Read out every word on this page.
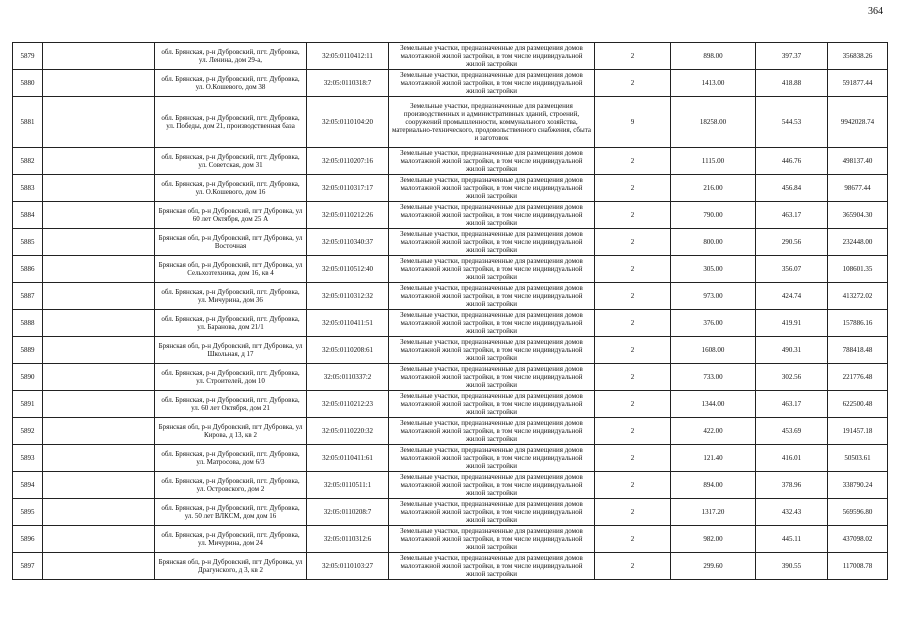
364
5879		обл. Брянская, р-н Дубровский, пгт. Дубровка, ул. Ленина, дом 29-а,	32:05:0110412:11	Земельные участки, предназначенные для размещения домов малоэтажной жилой застройки, в том числе индивидуальной жилой застройки	2	898.00	397.37	356838.26
5880		обл. Брянская, р-н Дубровский, пгт. Дубровка, ул. О.Кошевого, дом 38	32:05:0110318:7	Земельные участки, предназначенные для размещения домов малоэтажной жилой застройки, в том числе индивидуальной жилой застройки	2	1413.00	418.88	591877.44
5881		обл. Брянская, р-н Дубровский, пгт. Дубровка, ул. Победы, дом 21, производственная база	32:05:0110104:20	Земельные участки, предназначенные для размещения производственных и административных зданий, строений, сооружений промышленности, коммунального хозяйства, материально-технического, продовольственного снабжения, сбыта и заготовок	9	18258.00	544.53	9942028.74
5882		обл. Брянская, р-н Дубровский, пгт. Дубровка, ул. Советская, дом 31	32:05:0110207:16	Земельные участки, предназначенные для размещения домов малоэтажной жилой застройки, в том числе индивидуальной жилой застройки	2	1115.00	446.76	498137.40
5883		обл. Брянская, р-н Дубровский, пгт. Дубровка, ул. О.Кошевого, дом 16	32:05:0110317:17	Земельные участки, предназначенные для размещения домов малоэтажной жилой застройки, в том числе индивидуальной жилой застройки	2	216.00	456.84	98677.44
5884		Брянская обл, р-н Дубровский, пгт Дубровка, ул 60 лет Октября, дом 25 А	32:05:0110212:26	Земельные участки, предназначенные для размещения домов малоэтажной жилой застройки, в том числе индивидуальной жилой застройки	2	790.00	463.17	365904.30
5885		Брянская обл, р-н Дубровский, пгт Дубровка, ул Восточная	32:05:0110340:37	Земельные участки, предназначенные для размещения домов малоэтажной жилой застройки, в том числе индивидуальной жилой застройки	2	800.00	290.56	232448.00
5886		Брянская обл, р-н Дубровский, пгт Дубровка, ул Сельхозтехника, дом 16, кв 4	32:05:0110512:40	Земельные участки, предназначенные для размещения домов малоэтажной жилой застройки, в том числе индивидуальной жилой застройки	2	305.00	356.07	108601.35
5887		обл. Брянская, р-н Дубровский, пгт. Дубровка, ул. Мичурина, дом 36	32:05:0110312:32	Земельные участки, предназначенные для размещения домов малоэтажной жилой застройки, в том числе индивидуальной жилой застройки	2	973.00	424.74	413272.02
5888		обл. Брянская, р-н Дубровский, пгт. Дубровка, ул. Баранова, дом 21/1	32:05:0110411:51	Земельные участки, предназначенные для размещения домов малоэтажной жилой застройки, в том числе индивидуальной жилой застройки	2	376.00	419.91	157886.16
5889		Брянская обл, р-н Дубровский, пгт Дубровка, ул Школьная, д 17	32:05:0110208:61	Земельные участки, предназначенные для размещения домов малоэтажной жилой застройки, в том числе индивидуальной жилой застройки	2	1608.00	490.31	788418.48
5890		обл. Брянская, р-н Дубровский, пгт. Дубровка, ул. Строителей, дом 10	32:05:0110337:2	Земельные участки, предназначенные для размещения домов малоэтажной жилой застройки, в том числе индивидуальной жилой застройки	2	733.00	302.56	221776.48
5891		обл. Брянская, р-н Дубровский, пгт. Дубровка, ул. 60 лет Октября, дом 21	32:05:0110212:23	Земельные участки, предназначенные для размещения домов малоэтажной жилой застройки, в том числе индивидуальной жилой застройки	2	1344.00	463.17	622500.48
5892		Брянская обл, р-н Дубровский, пгт Дубровка, ул Кирова, д 13, кв 2	32:05:0110220:32	Земельные участки, предназначенные для размещения домов малоэтажной жилой застройки, в том числе индивидуальной жилой застройки	2	422.00	453.69	191457.18
5893		обл. Брянская, р-н Дубровский, пгт. Дубровка, ул. Матросова, дом 6/3	32:05:0110411:61	Земельные участки, предназначенные для размещения домов малоэтажной жилой застройки, в том числе индивидуальной жилой застройки	2	121.40	416.01	50503.61
5894		обл. Брянская, р-н Дубровский, пгт. Дубровка, ул. Островского, дом 2	32:05:0110511:1	Земельные участки, предназначенные для размещения домов малоэтажной жилой застройки, в том числе индивидуальной жилой застройки	2	894.00	378.96	338790.24
5895		обл. Брянская, р-н Дубровский, пгт. Дубровка, ул. 50 лет ВЛКСМ, дом дом 16	32:05:0110208:7	Земельные участки, предназначенные для размещения домов малоэтажной жилой застройки, в том числе индивидуальной жилой застройки	2	1317.20	432.43	569596.80
5896		обл. Брянская, р-н Дубровский, пгт. Дубровка, ул. Мичурина, дом 24	32:05:0110312:6	Земельные участки, предназначенные для размещения домов малоэтажной жилой застройки, в том числе индивидуальной жилой застройки	2	982.00	445.11	437098.02
5897		Брянская обл, р-н Дубровский, пгт Дубровка, ул Драгунского, д 3, кв 2	32:05:0110103:27	Земельные участки, предназначенные для размещения домов малоэтажной жилой застройки, в том числе индивидуальной жилой застройки	2	299.60	390.55	117008.78
